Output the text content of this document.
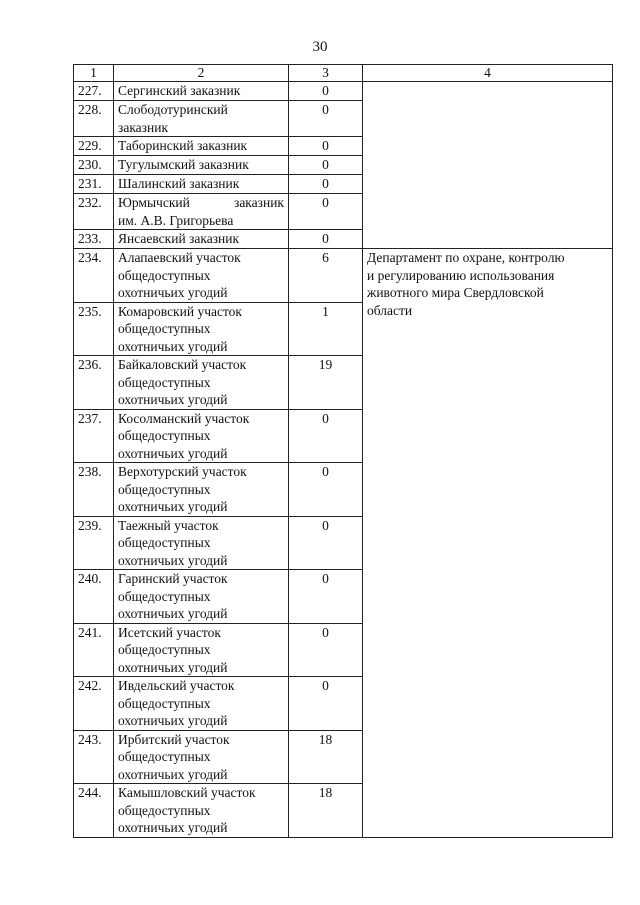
30
1	2	3	4
227.	Сергинский заказник	0	
228.	Слободотуринский
заказник	0	
229.	Таборинский заказник	0	
230.	Тугулымский заказник	0	
231.	Шалинский заказник	0	
232.	Юрмычский заказник
им. А.В. Григорьева	0	
233.	Янсаевский заказник	0	
234.	Алапаевский участок
общедоступных
охотничьих угодий	6	Департамент по охране, контролю
и регулированию использования
животного мира Свердловской
области

235.	Комаровский участок
общедоступных
охотничьих угодий	1	
236.	Байкаловский участок
общедоступных
охотничьих угодий	19	
237.	Косолманский участок
общедоступных
охотничьих угодий	0	
238.	Верхотурский участок
общедоступных
охотничьих угодий	0	
239.	Таежный участок
общедоступных
охотничьих угодий	0	
240.	Гаринский участок
общедоступных
охотничьих угодий	0	
241.	Исетский участок
общедоступных
охотничьих угодий	0	
242.	Ивдельский участок
общедоступных
охотничьих угодий	0	
243.	Ирбитский участок
общедоступных
охотничьих угодий	18	
244.	Камышловский участок
общедоступных
охотничьих угодий	18	
